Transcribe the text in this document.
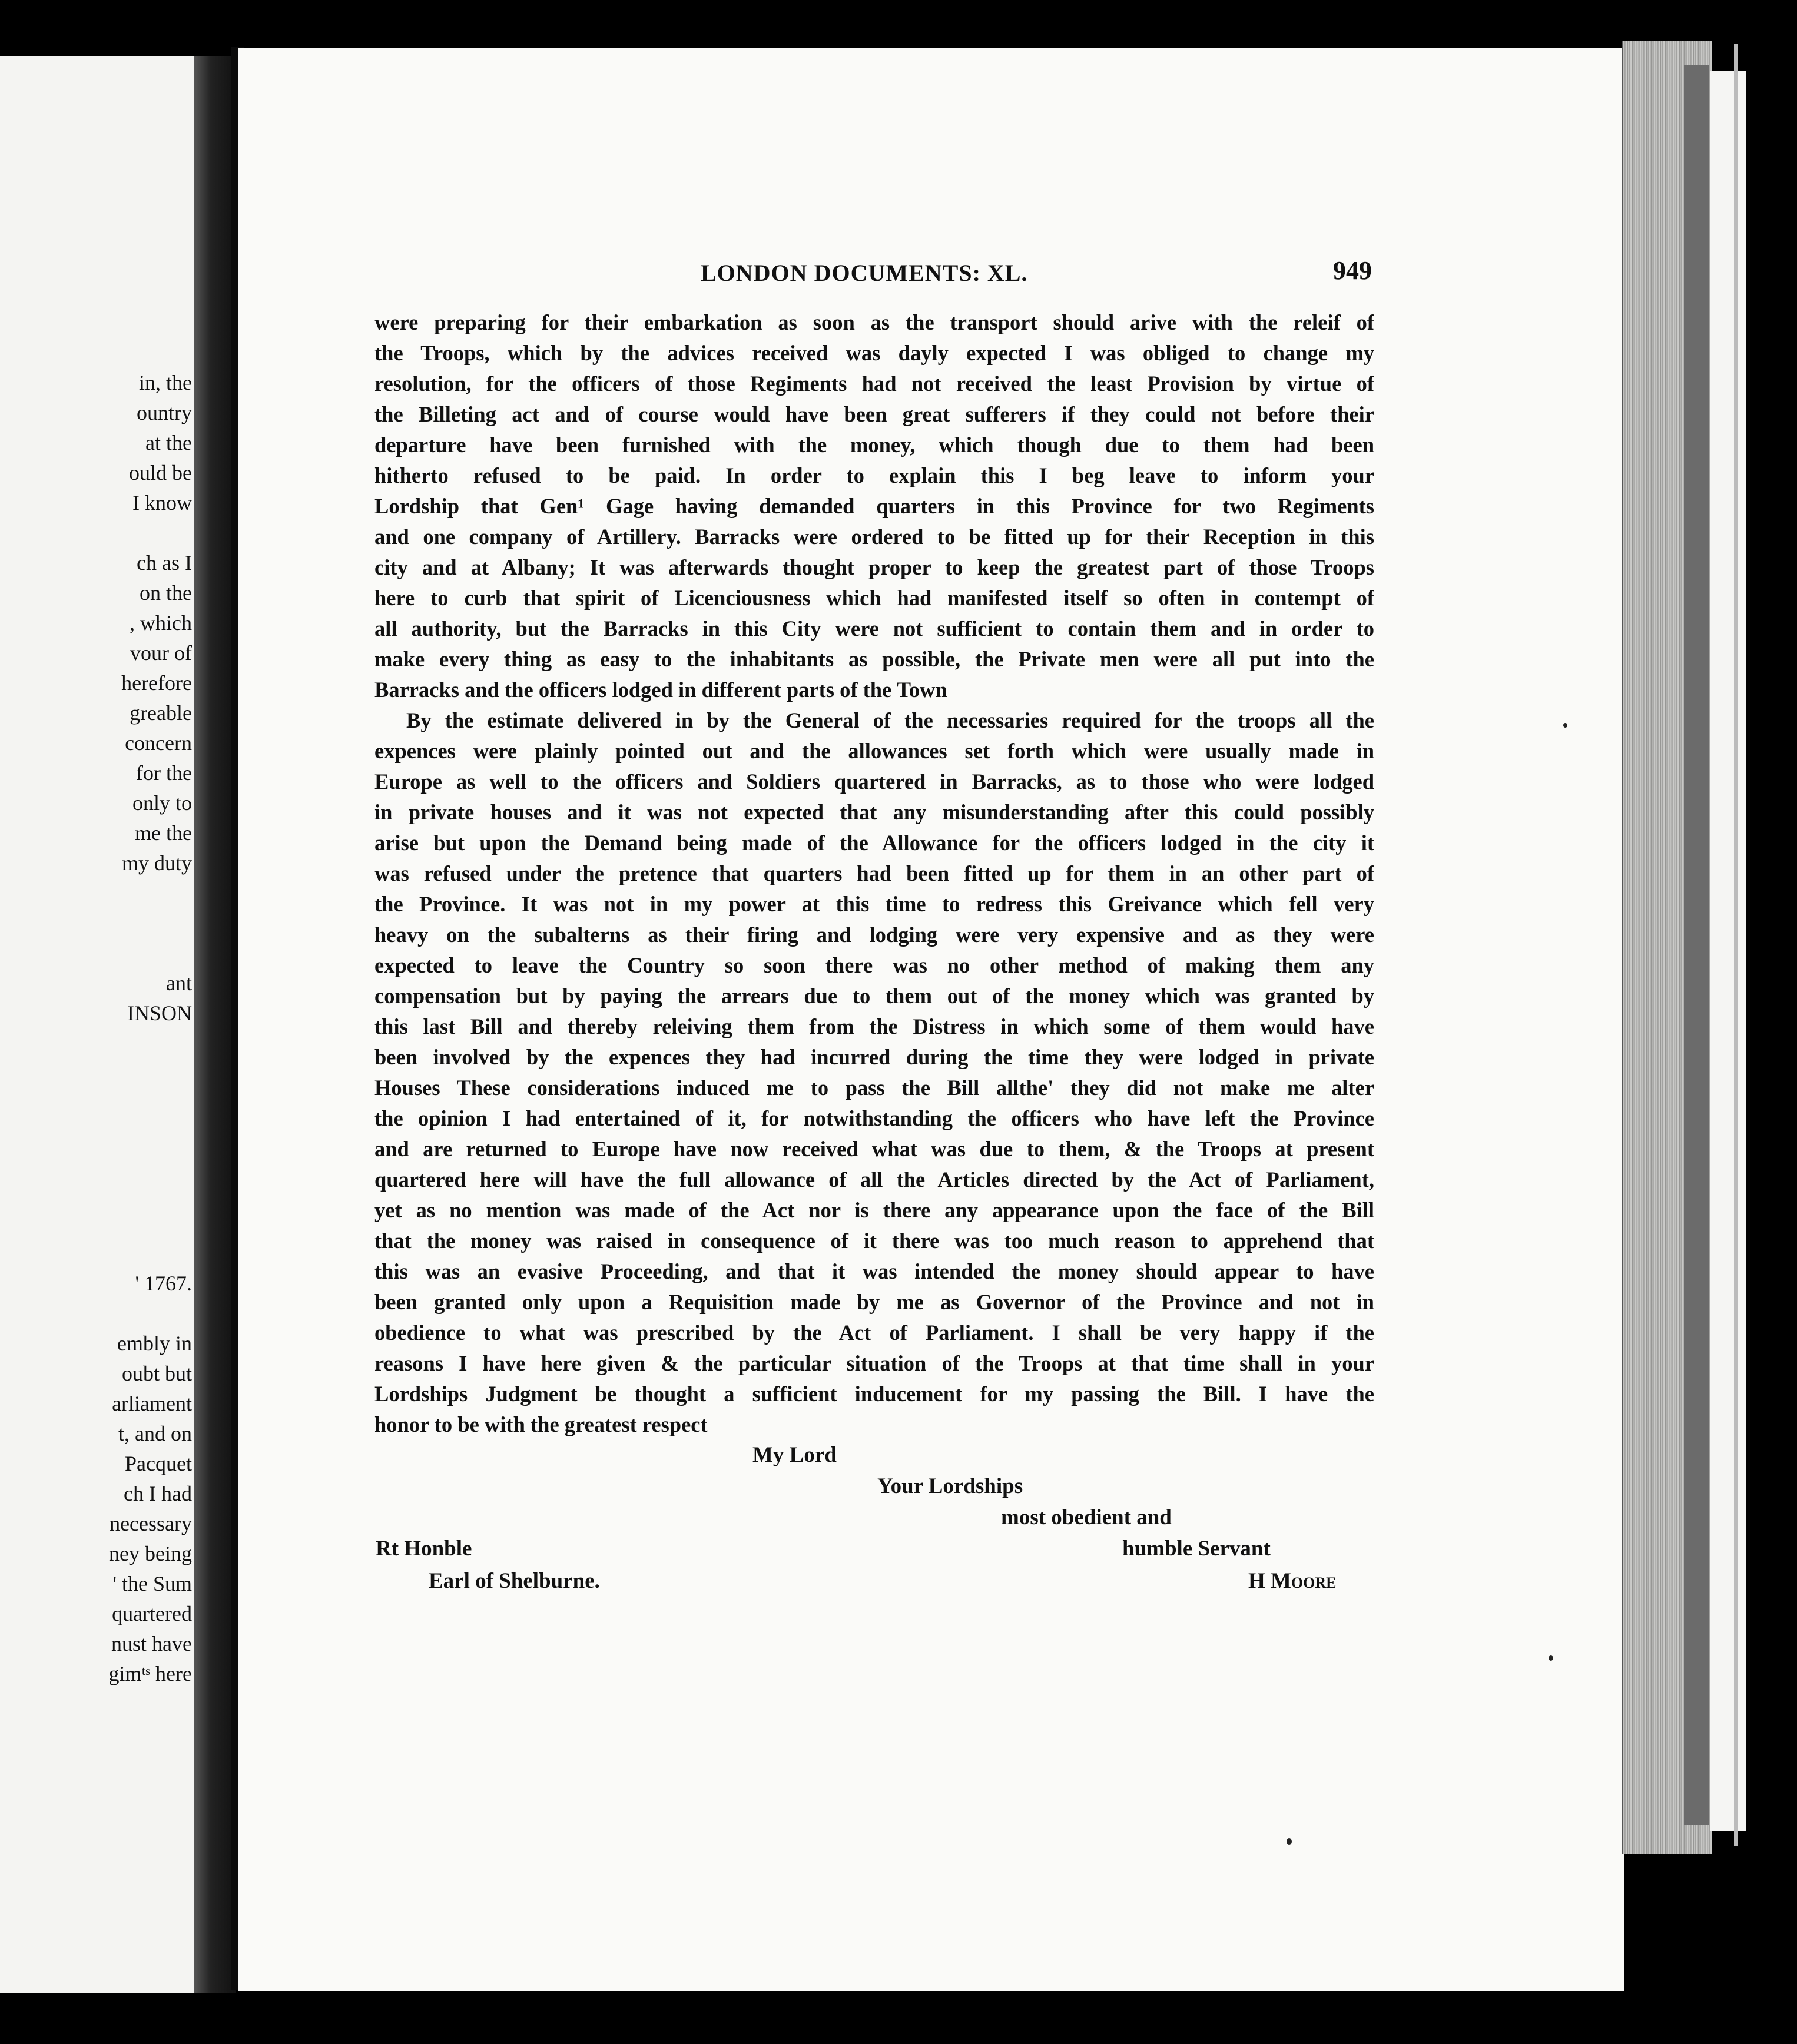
in, the
ountry
at the
ould be
I know

ch as I
on the
, which
vour of
herefore
greable
concern
for the
only to
me the
my duty

ant
INSON

' 1767.

embly in
oubt but
arliament
t, and on
Pacquet
ch I had
necessary
ney being
' the Sum
quartered
nust have
gimᵗˢ here
LONDON DOCUMENTS: XL.	949
were preparing for their embarkation as soon as the transport should arive with the releif of
the Troops, which by the advices received was dayly expected I was obliged to change my
resolution, for the officers of those Regiments had not received the least Provision by virtue of
the Billeting act and of course would have been great sufferers if they could not before their
departure have been furnished with the money, which though due to them had been
hitherto refused to be paid. In order to explain this I beg leave to inform your
Lordship that Gen¹ Gage having demanded quarters in this Province for two Regiments
and one company of Artillery. Barracks were ordered to be fitted up for their Reception in this
city and at Albany; It was afterwards thought proper to keep the greatest part of those Troops
here to curb that spirit of Licenciousness which had manifested itself so often in contempt of
all authority, but the Barracks in this City were not sufficient to contain them and in order to
make every thing as easy to the inhabitants as possible, the Private men were all put into the
Barracks and the officers lodged in different parts of the Town
By the estimate delivered in by the General of the necessaries required for the troops all the
expences were plainly pointed out and the allowances set forth which were usually made in
Europe as well to the officers and Soldiers quartered in Barracks, as to those who were lodged
in private houses and it was not expected that any misunderstanding after this could possibly
arise but upon the Demand being made of the Allowance for the officers lodged in the city it
was refused under the pretence that quarters had been fitted up for them in an other part of
the Province. It was not in my power at this time to redress this Greivance which fell very
heavy on the subalterns as their firing and lodging were very expensive and as they were
expected to leave the Country so soon there was no other method of making them any
compensation but by paying the arrears due to them out of the money which was granted by
this last Bill and thereby releiving them from the Distress in which some of them would have
been involved by the expences they had incurred during the time they were lodged in private
Houses These considerations induced me to pass the Bill allthe' they did not make me alter
the opinion I had entertained of it, for notwithstanding the officers who have left the Province
and are returned to Europe have now received what was due to them, & the Troops at present
quartered here will have the full allowance of all the Articles directed by the Act of Parliament,
yet as no mention was made of the Act nor is there any appearance upon the face of the Bill
that the money was raised in consequence of it there was too much reason to apprehend that
this was an evasive Proceeding, and that it was intended the money should appear to have
been granted only upon a Requisition made by me as Governor of the Province and not in
obedience to what was prescribed by the Act of Parliament. I shall be very happy if the
reasons I have here given & the particular situation of the Troops at that time shall in your
Lordships Judgment be thought a sufficient inducement for my passing the Bill. I have the
honor to be with the greatest respect
My Lord
Your Lordships
most obedient and
humble Servant
Rt Honble
Earl of Shelburne.	H Moore
